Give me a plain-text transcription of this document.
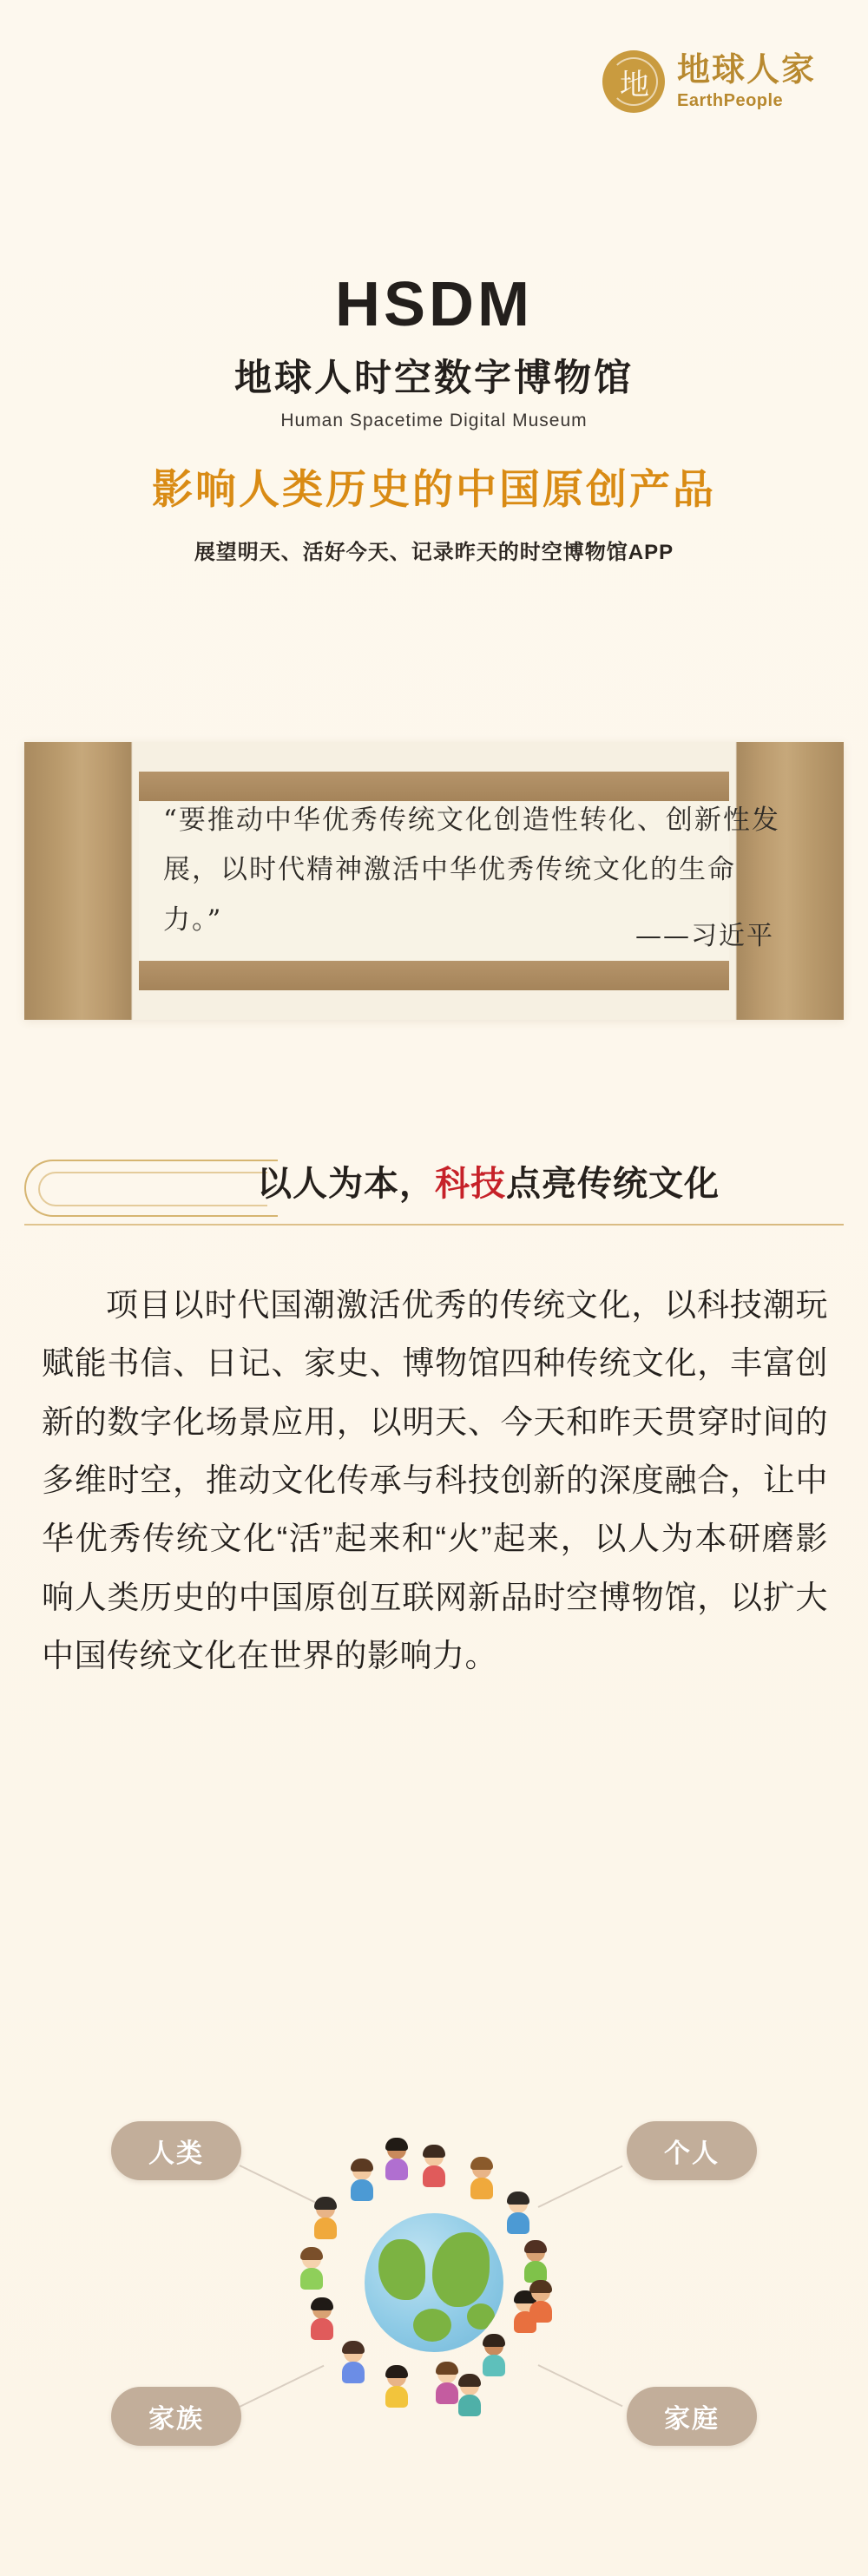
地 地球人家
EarthPeople
HSDM
地球人时空数字博物馆
Human Spacetime Digital Museum
影响人类历史的中国原创产品
展望明天、活好今天、记录昨天的时空博物馆APP
“要推动中华优秀传统文化创造性转化、创新性发展，以时代精神激活中华优秀传统文化的生命力。”
——习近平
以人为本，科技点亮传统文化
项目以时代国潮激活优秀的传统文化，以科技潮玩赋能书信、日记、家史、博物馆四种传统文化，丰富创新的数字化场景应用，以明天、今天和昨天贯穿时间的多维时空，推动文化传承与科技创新的深度融合，让中华优秀传统文化“活”起来和“火”起来，以人为本研磨影响人类历史的中国原创互联网新品时空博物馆，以扩大中国传统文化在世界的影响力。
人类	个人
家族	家庭
